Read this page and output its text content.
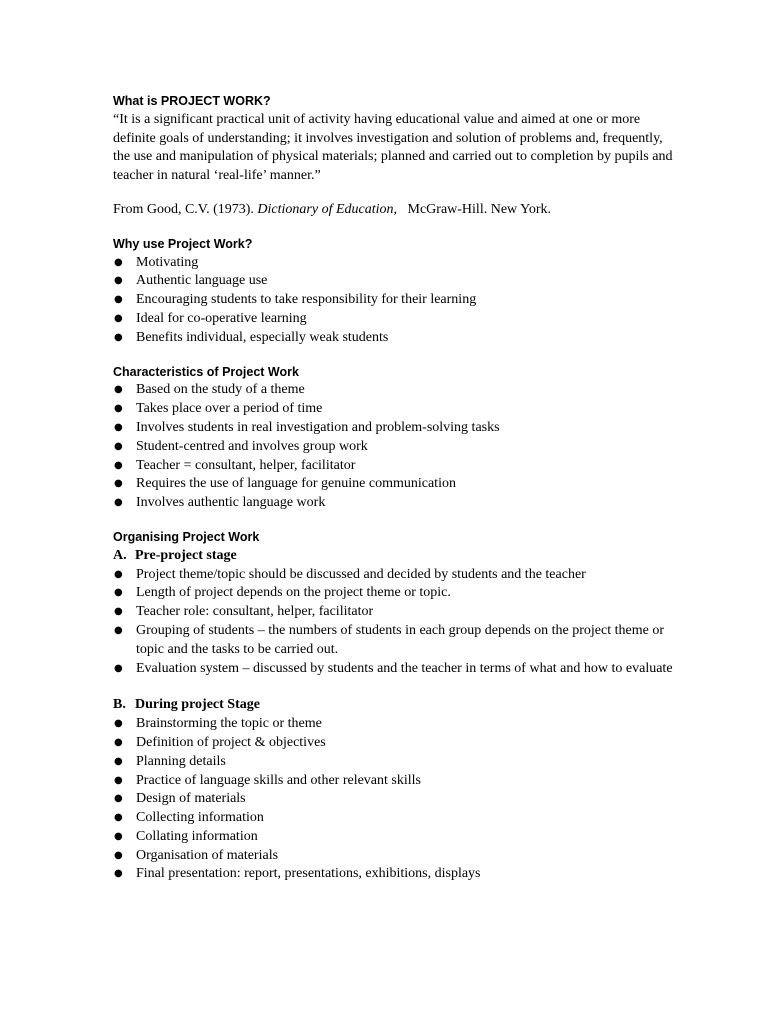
What is PROJECT WORK?

“It is a significant practical unit of activity having educational value and aimed at one or more definite goals of understanding; it involves investigation and solution of problems and, frequently, the use and manipulation of physical materials; planned and carried out to completion by pupils and teacher in natural ‘real-life’ manner.”

From Good, C.V. (1973). Dictionary of Education,   McGraw-Hill. New York.

Why use Project Work?

● Motivating
● Authentic language use
● Encouraging students to take responsibility for their learning
● Ideal for co-operative learning
● Benefits individual, especially weak students

Characteristics of Project Work

● Based on the study of a theme
● Takes place over a period of time
● Involves students in real investigation and problem-solving tasks
● Student-centred and involves group work
● Teacher = consultant, helper, facilitator
● Requires the use of language for genuine communication
● Involves authentic language work

Organising Project Work

A. Pre-project stage

● Project theme/topic should be discussed and decided by students and the teacher
● Length of project depends on the project theme or topic.
● Teacher role: consultant, helper, facilitator
● Grouping of students – the numbers of students in each group depends on the project theme or topic and the tasks to be carried out.
● Evaluation system – discussed by students and the teacher in terms of what and how to evaluate

B. During project Stage

● Brainstorming the topic or theme
● Definition of project & objectives
● Planning details
● Practice of language skills and other relevant skills
● Design of materials
● Collecting information
● Collating information
● Organisation of materials
● Final presentation: report, presentations, exhibitions, displays
